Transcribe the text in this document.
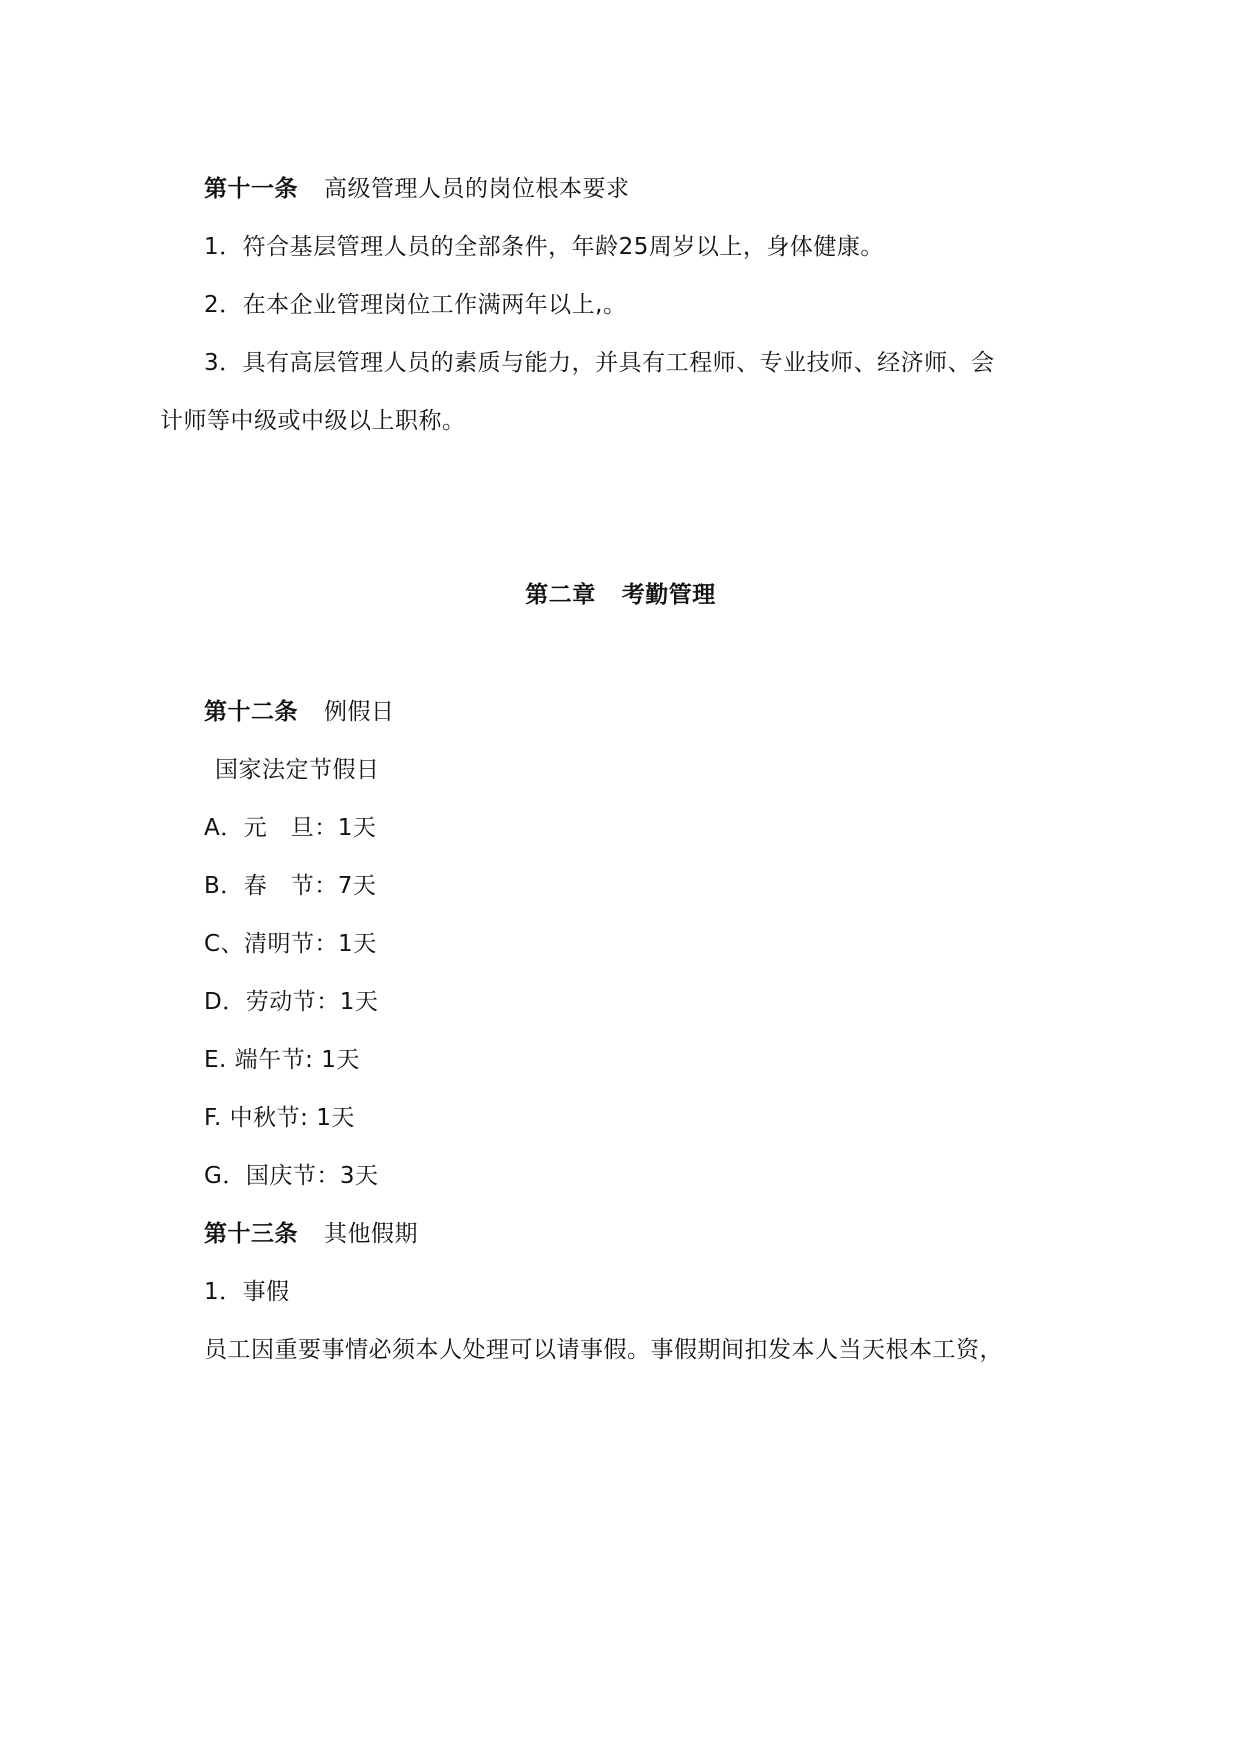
第十一条 高级管理人员的岗位根本要求
1．符合基层管理人员的全部条件，年龄25周岁以上，身体健康。
2．在本企业管理岗位工作满两年以上,。
3．具有高层管理人员的素质与能力，并具有工程师、专业技师、经济师、会
计师等中级或中级以上职称。
第二章 考勤管理
第十二条 例假日
国家法定节假日
A．元　旦：1天
B．春　节：7天
C、清明节：1天
D．劳动节：1天
E. 端午节: 1天
F. 中秋节: 1天
G．国庆节：3天
第十三条 其他假期
1．事假
员工因重要事情必须本人处理可以请事假。事假期间扣发本人当天根本工资，
